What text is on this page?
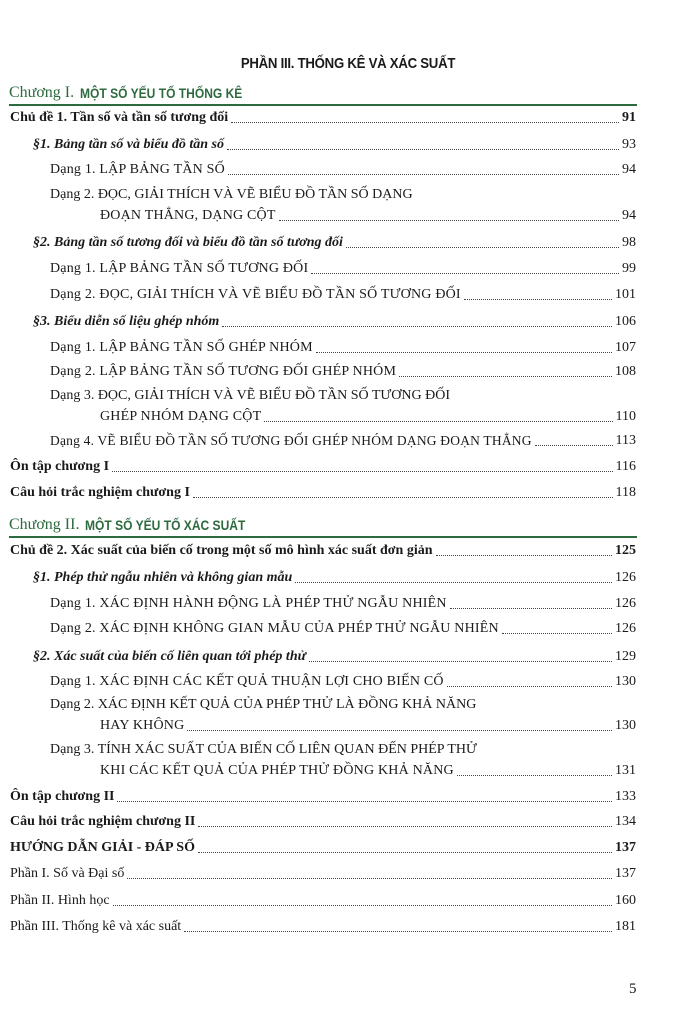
PHẦN III. THỐNG KÊ VÀ XÁC SUẤT
Chương I. MỘT SỐ YẾU TỐ THỐNG KÊ
Chủ đề 1. Tần số và tần số tương đối	91
§1. Bảng tần số và biểu đồ tần số	93
Dạng 1. LẬP BẢNG TẦN SỐ	94
Dạng 2. ĐỌC, GIẢI THÍCH VÀ VẼ BIỂU ĐỒ TẦN SỐ DẠNG
ĐOẠN THẲNG, DẠNG CỘT	94
§2. Bảng tần số tương đối và biểu đồ tần số tương đối	98
Dạng 1. LẬP BẢNG TẦN SỐ TƯƠNG ĐỐI	99
Dạng 2. ĐỌC, GIẢI THÍCH VÀ VẼ BIỂU ĐỒ TẦN SỐ TƯƠNG ĐỐI	101
§3. Biểu diễn số liệu ghép nhóm	106
Dạng 1. LẬP BẢNG TẦN SỐ GHÉP NHÓM	107
Dạng 2. LẬP BẢNG TẦN SỐ TƯƠNG ĐỐI GHÉP NHÓM	108
Dạng 3. ĐỌC, GIẢI THÍCH VÀ VẼ BIỂU ĐỒ TẦN SỐ TƯƠNG ĐỐI
GHÉP NHÓM DẠNG CỘT	110
Dạng 4. VẼ BIỂU ĐỒ TẦN SỐ TƯƠNG ĐỐI GHÉP NHÓM DẠNG ĐOẠN THẲNG	113
Ôn tập chương I	116
Câu hỏi trắc nghiệm chương I	118
Chương II. MỘT SỐ YẾU TỐ XÁC SUẤT
Chủ đề 2. Xác suất của biến cố trong một số mô hình xác suất đơn giản	125
§1. Phép thử ngẫu nhiên và không gian mẫu	126
Dạng 1. XÁC ĐỊNH HÀNH ĐỘNG LÀ PHÉP THỬ NGẪU NHIÊN	126
Dạng 2. XÁC ĐỊNH KHÔNG GIAN MẪU CỦA PHÉP THỬ NGẪU NHIÊN	126
§2. Xác suất của biến cố liên quan tới phép thử	129
Dạng 1. XÁC ĐỊNH CÁC KẾT QUẢ THUẬN LỢI CHO BIẾN CỐ	130
Dạng 2. XÁC ĐỊNH KẾT QUẢ CỦA PHÉP THỬ LÀ ĐỒNG KHẢ NĂNG
HAY KHÔNG	130
Dạng 3. TÍNH XÁC SUẤT CỦA BIẾN CỐ LIÊN QUAN ĐẾN PHÉP THỬ
KHI CÁC KẾT QUẢ CỦA PHÉP THỬ ĐỒNG KHẢ NĂNG	131
Ôn tập chương II	133
Câu hỏi trắc nghiệm chương II	134
HƯỚNG DẪN GIẢI - ĐÁP SỐ	137
Phần I. Số và Đại số	137
Phần II. Hình học	160
Phần III. Thống kê và xác suất	181
5
